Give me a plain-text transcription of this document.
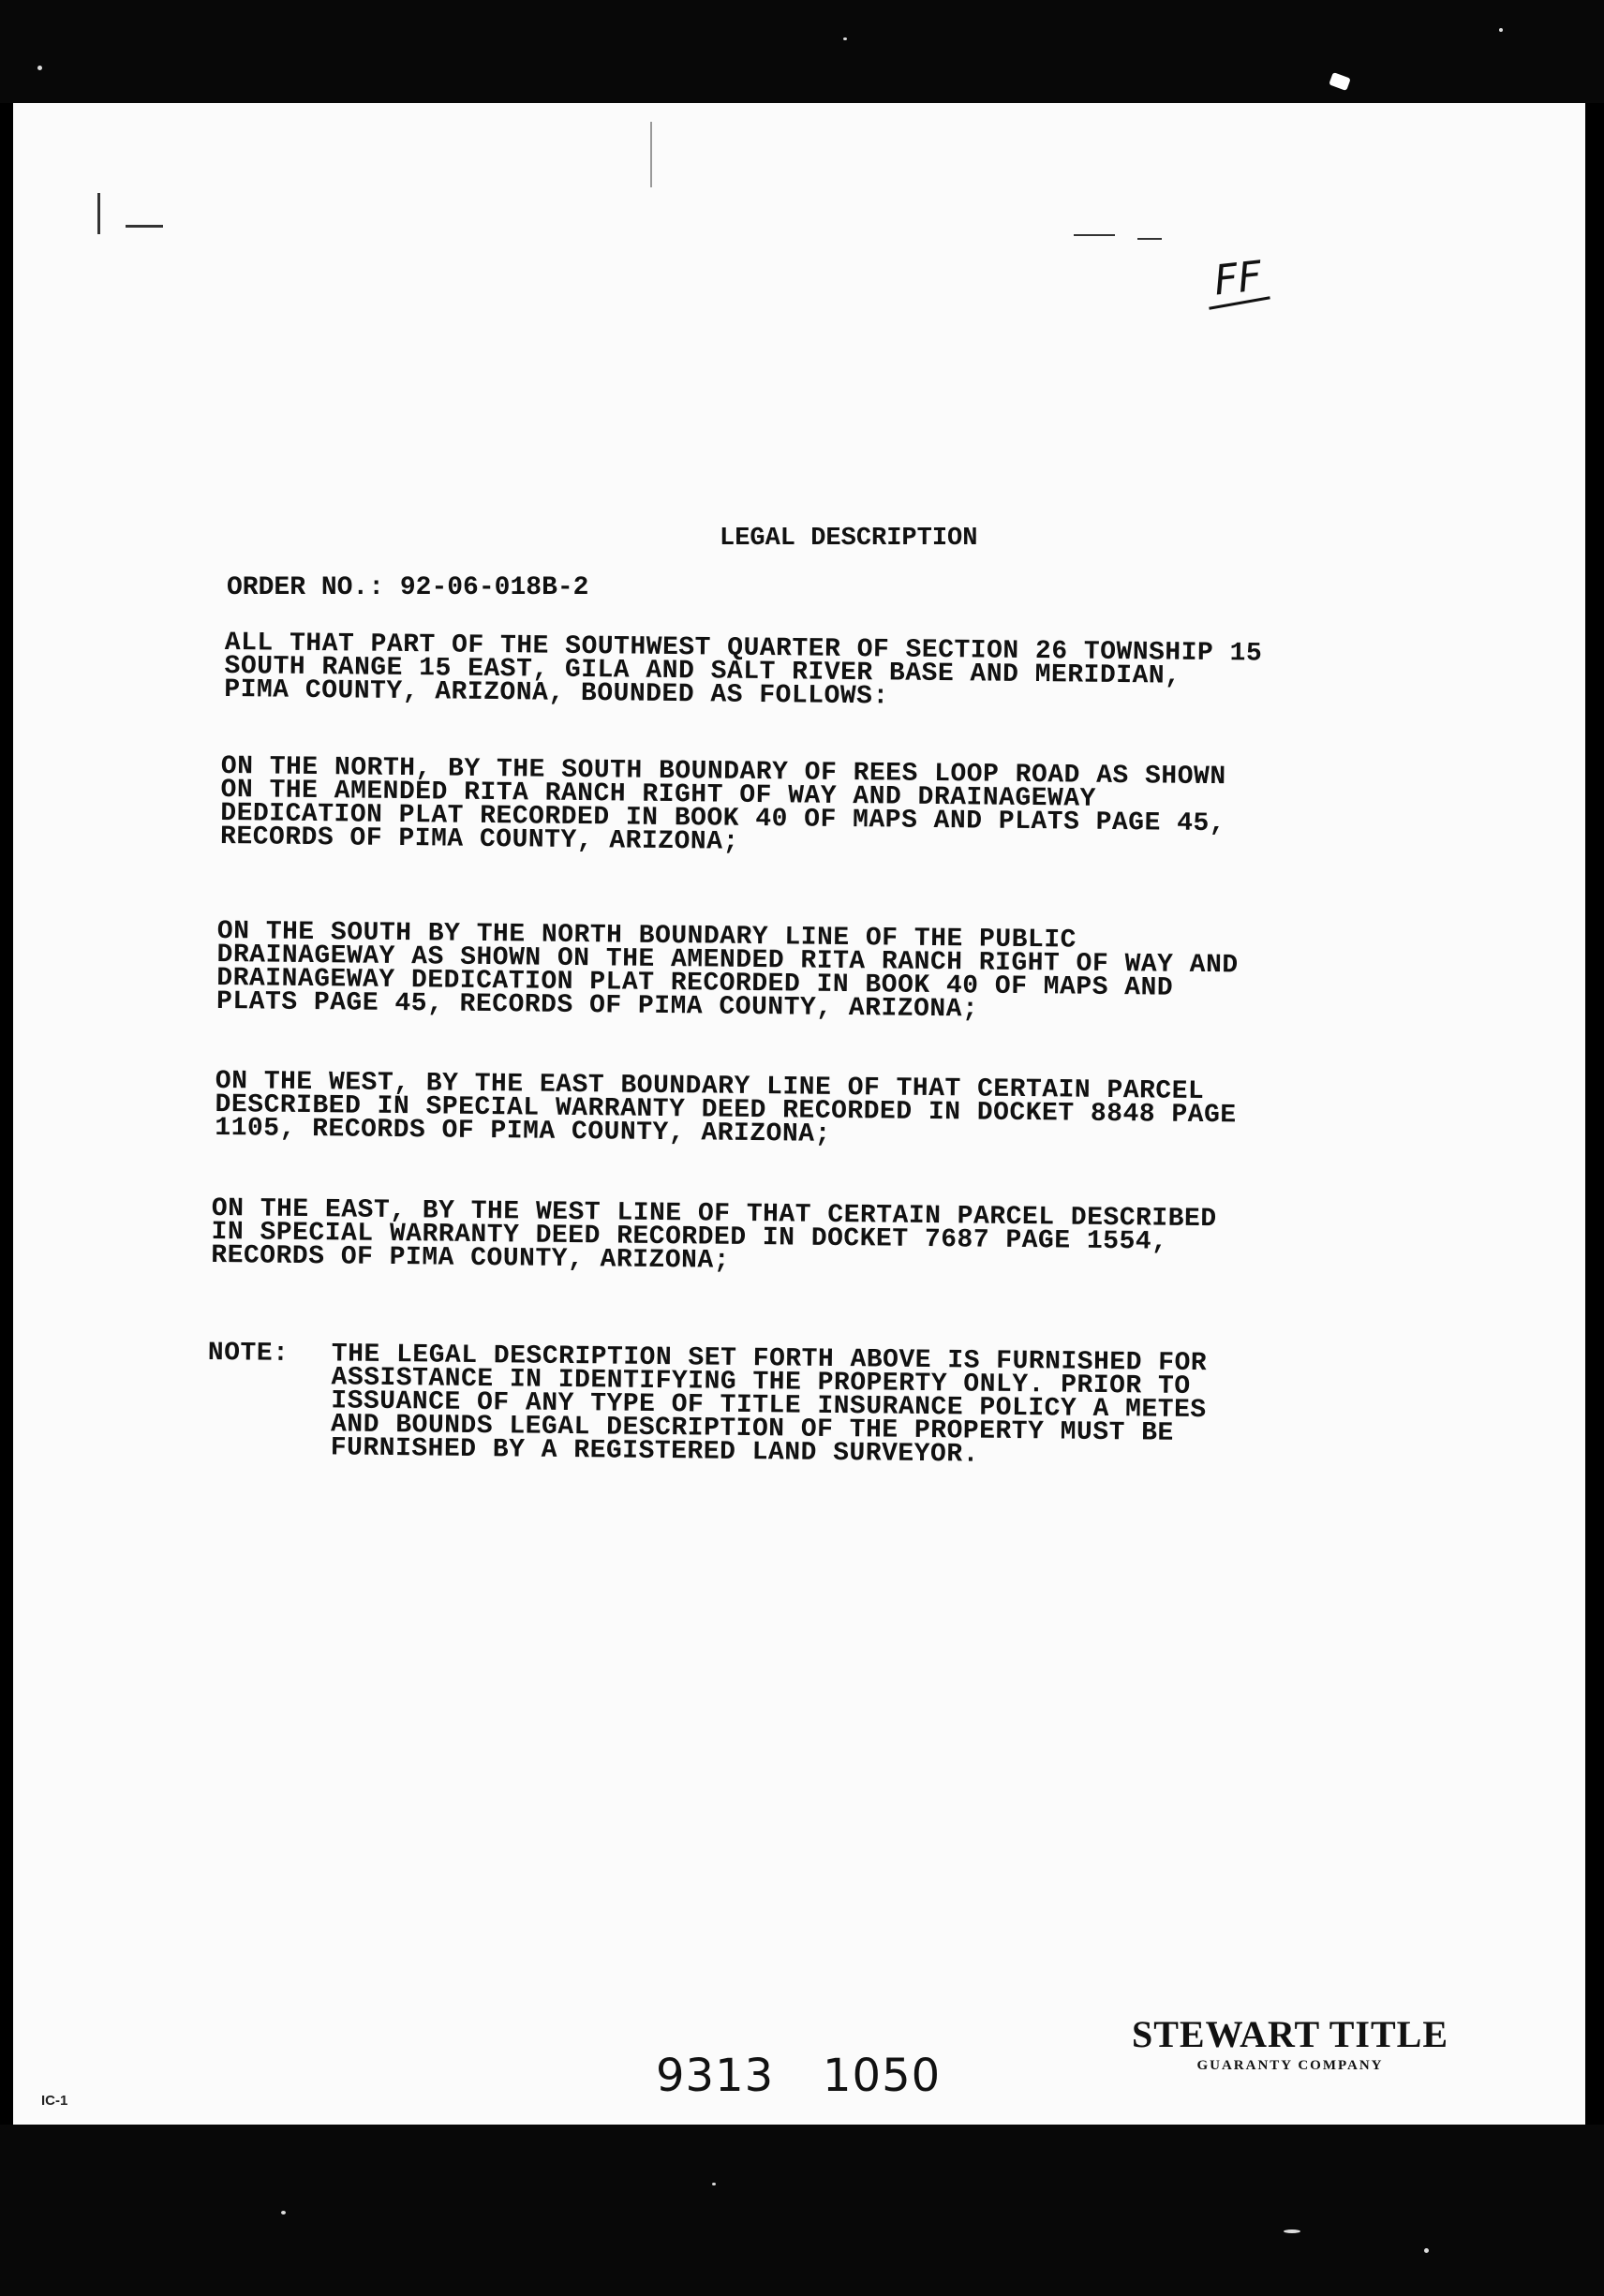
FF
LEGAL DESCRIPTION
ORDER NO.: 92-06-018B-2
ALL THAT PART OF THE SOUTHWEST QUARTER OF SECTION 26 TOWNSHIP 15
SOUTH RANGE 15 EAST, GILA AND SALT RIVER BASE AND MERIDIAN,
PIMA COUNTY, ARIZONA, BOUNDED AS FOLLOWS:
ON THE NORTH, BY THE SOUTH BOUNDARY OF REES LOOP ROAD AS SHOWN
ON THE AMENDED RITA RANCH RIGHT OF WAY AND DRAINAGEWAY
DEDICATION PLAT RECORDED IN BOOK 40 OF MAPS AND PLATS PAGE 45,
RECORDS OF PIMA COUNTY, ARIZONA;
ON THE SOUTH BY THE NORTH BOUNDARY LINE OF THE PUBLIC
DRAINAGEWAY AS SHOWN ON THE AMENDED RITA RANCH RIGHT OF WAY AND
DRAINAGEWAY DEDICATION PLAT RECORDED IN BOOK 40 OF MAPS AND
PLATS PAGE 45, RECORDS OF PIMA COUNTY, ARIZONA;
ON THE WEST, BY THE EAST BOUNDARY LINE OF THAT CERTAIN PARCEL
DESCRIBED IN SPECIAL WARRANTY DEED RECORDED IN DOCKET 8848 PAGE
1105, RECORDS OF PIMA COUNTY, ARIZONA;
ON THE EAST, BY THE WEST LINE OF THAT CERTAIN PARCEL DESCRIBED
IN SPECIAL WARRANTY DEED RECORDED IN DOCKET 7687 PAGE 1554,
RECORDS OF PIMA COUNTY, ARIZONA;
NOTE: THE LEGAL DESCRIPTION SET FORTH ABOVE IS FURNISHED FOR
ASSISTANCE IN IDENTIFYING THE PROPERTY ONLY. PRIOR TO
ISSUANCE OF ANY TYPE OF TITLE INSURANCE POLICY A METES
AND BOUNDS LEGAL DESCRIPTION OF THE PROPERTY MUST BE
FURNISHED BY A REGISTERED LAND SURVEYOR.
9313 1050
STEWART TITLE
GUARANTY COMPANY
IC-1
